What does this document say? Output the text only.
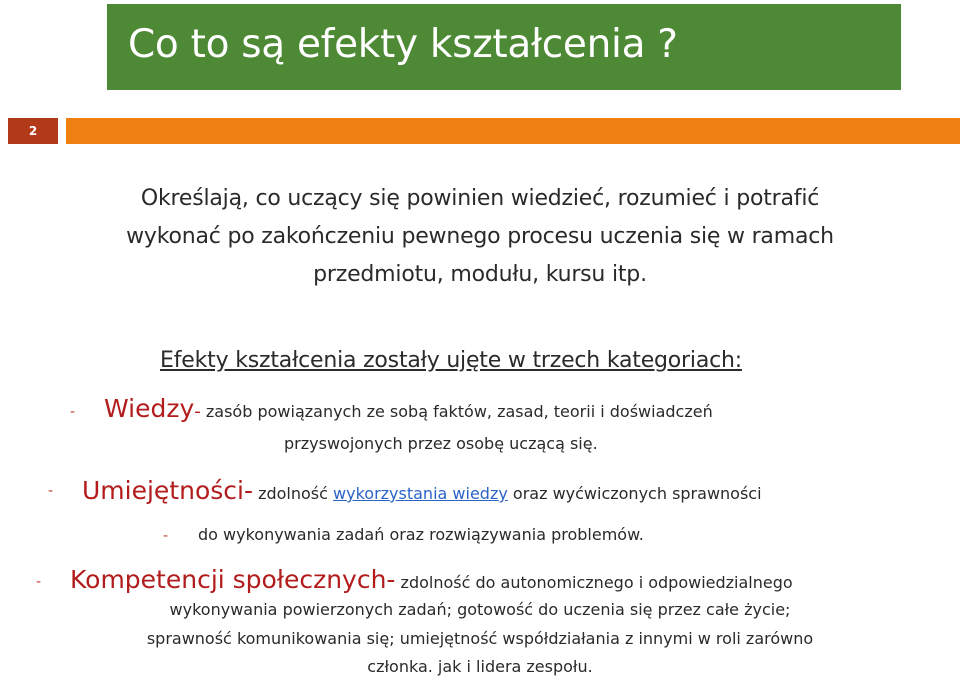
Co to są efekty kształcenia ?
2
Określają, co uczący się powinien wiedzieć, rozumieć i potrafić
wykonać po zakończeniu pewnego procesu uczenia się w ramach
przedmiotu, modułu, kursu itp.
Efekty kształcenia zostały ujęte w trzech kategoriach:
- Wiedzy- zasób powiązanych ze sobą faktów, zasad, teorii i doświadczeń
przyswojonych przez osobę uczącą się.
- Umiejętności- zdolność wykorzystania wiedzy oraz wyćwiczonych sprawności
- do wykonywania zadań oraz rozwiązywania problemów.
- Kompetencji społecznych- zdolność do autonomicznego i odpowiedzialnego
wykonywania powierzonych zadań; gotowość do uczenia się przez całe życie;
sprawność komunikowania się; umiejętność współdziałania z innymi w roli zarówno
członka. jak i lidera zespołu.
